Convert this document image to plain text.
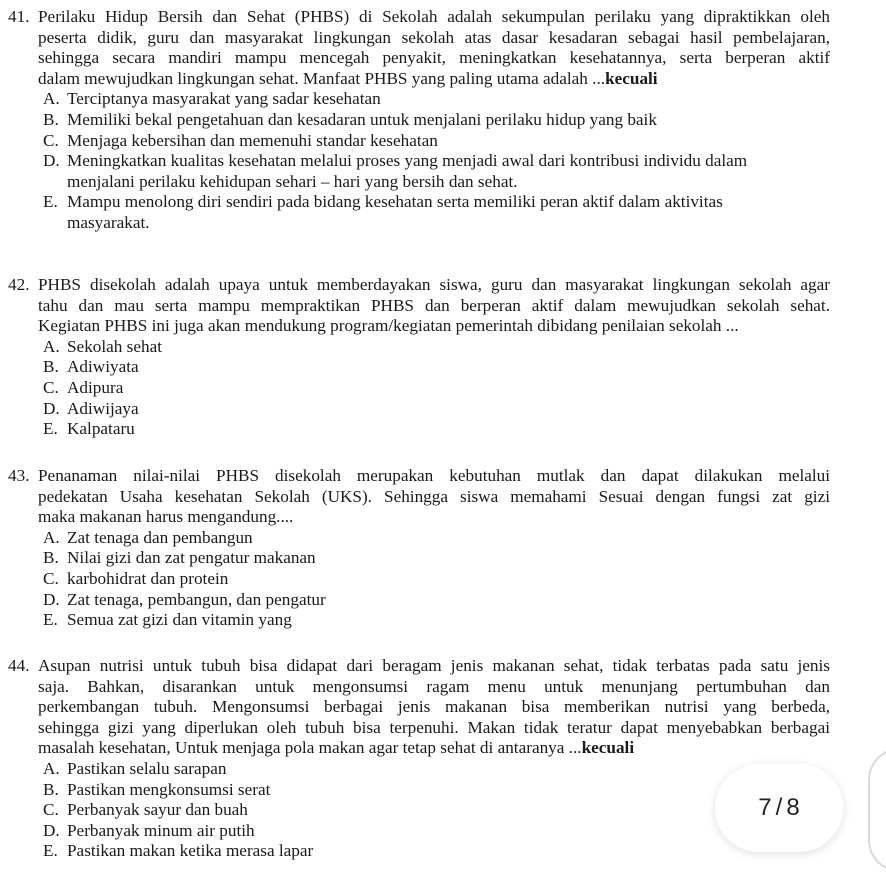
41. Perilaku Hidup Bersih dan Sehat (PHBS) di Sekolah adalah sekumpulan perilaku yang dipraktikkan oleh
peserta didik, guru dan masyarakat lingkungan sekolah atas dasar kesadaran sebagai hasil pembelajaran,
sehingga secara mandiri mampu mencegah penyakit, meningkatkan kesehatannya, serta berperan aktif
dalam mewujudkan lingkungan sehat. Manfaat PHBS yang paling utama adalah ...kecuali
A. Terciptanya masyarakat yang sadar kesehatan
B. Memiliki bekal pengetahuan dan kesadaran untuk menjalani perilaku hidup yang baik
C. Menjaga kebersihan dan memenuhi standar kesehatan
D. Meningkatkan kualitas kesehatan melalui proses yang menjadi awal dari kontribusi individu dalam
menjalani perilaku kehidupan sehari – hari yang bersih dan sehat.
E. Mampu menolong diri sendiri pada bidang kesehatan serta memiliki peran aktif dalam aktivitas
masyarakat.
42. PHBS disekolah adalah upaya untuk memberdayakan siswa, guru dan masyarakat lingkungan sekolah agar
tahu dan mau serta mampu mempraktikan PHBS dan berperan aktif dalam mewujudkan sekolah sehat.
Kegiatan PHBS ini juga akan mendukung program/kegiatan pemerintah dibidang penilaian sekolah ...
A. Sekolah sehat
B. Adiwiyata
C. Adipura
D. Adiwijaya
E. Kalpataru
43. Penanaman nilai-nilai PHBS disekolah merupakan kebutuhan mutlak dan dapat dilakukan melalui
pedekatan Usaha kesehatan Sekolah (UKS). Sehingga siswa memahami Sesuai dengan fungsi zat gizi
maka makanan harus mengandung....
A. Zat tenaga dan pembangun
B. Nilai gizi dan zat pengatur makanan
C. karbohidrat dan protein
D. Zat tenaga, pembangun, dan pengatur
E. Semua zat gizi dan vitamin yang
44. Asupan nutrisi untuk tubuh bisa didapat dari beragam jenis makanan sehat, tidak terbatas pada satu jenis
saja. Bahkan, disarankan untuk mengonsumsi ragam menu untuk menunjang pertumbuhan dan
perkembangan tubuh. Mengonsumsi berbagai jenis makanan bisa memberikan nutrisi yang berbeda,
sehingga gizi yang diperlukan oleh tubuh bisa terpenuhi. Makan tidak teratur dapat menyebabkan berbagai
masalah kesehatan, Untuk menjaga pola makan agar tetap sehat di antaranya ...kecuali
A. Pastikan selalu sarapan
B. Pastikan mengkonsumsi serat
C. Perbanyak sayur dan buah
D. Perbanyak minum air putih
E. Pastikan makan ketika merasa lapar
7 / 8
